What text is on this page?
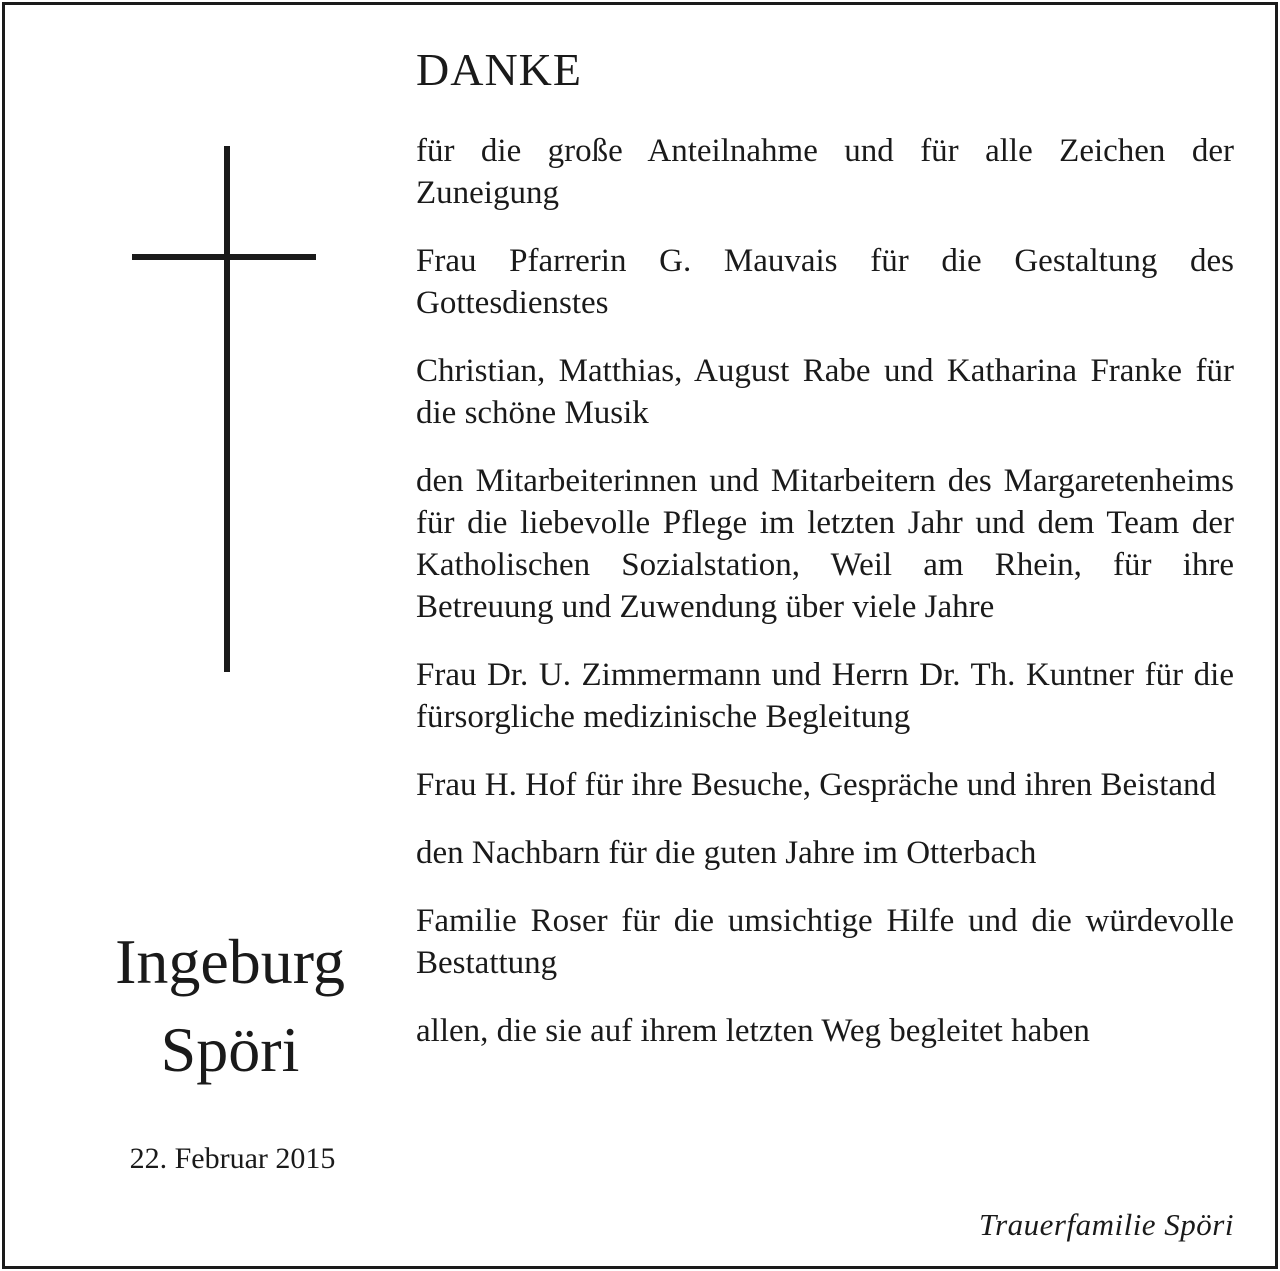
DANKE

für die große Anteilnahme und für alle Zeichen der Zuneigung

Frau Pfarrerin G. Mauvais für die Gestaltung des Gottesdienstes

Christian, Matthias, August Rabe und Katharina Franke für die schöne Musik

den Mitarbeiterinnen und Mitarbeitern des Margaretenheims für die liebevolle Pflege im letzten Jahr und dem Team der Katholischen Sozialstation, Weil am Rhein, für ihre Betreuung und Zuwendung über viele Jahre

Frau Dr. U. Zimmermann und Herrn Dr. Th. Kuntner für die fürsorgliche medizinische Begleitung

Frau H. Hof für ihre Besuche, Gespräche und ihren Beistand

den Nachbarn für die guten Jahre im Otterbach

Familie Roser für die umsichtige Hilfe und die würdevolle Bestattung

allen, die sie auf ihrem letzten Weg begleitet haben

Ingeburg
Spöri
22. Februar 2015
Trauerfamilie Spöri
